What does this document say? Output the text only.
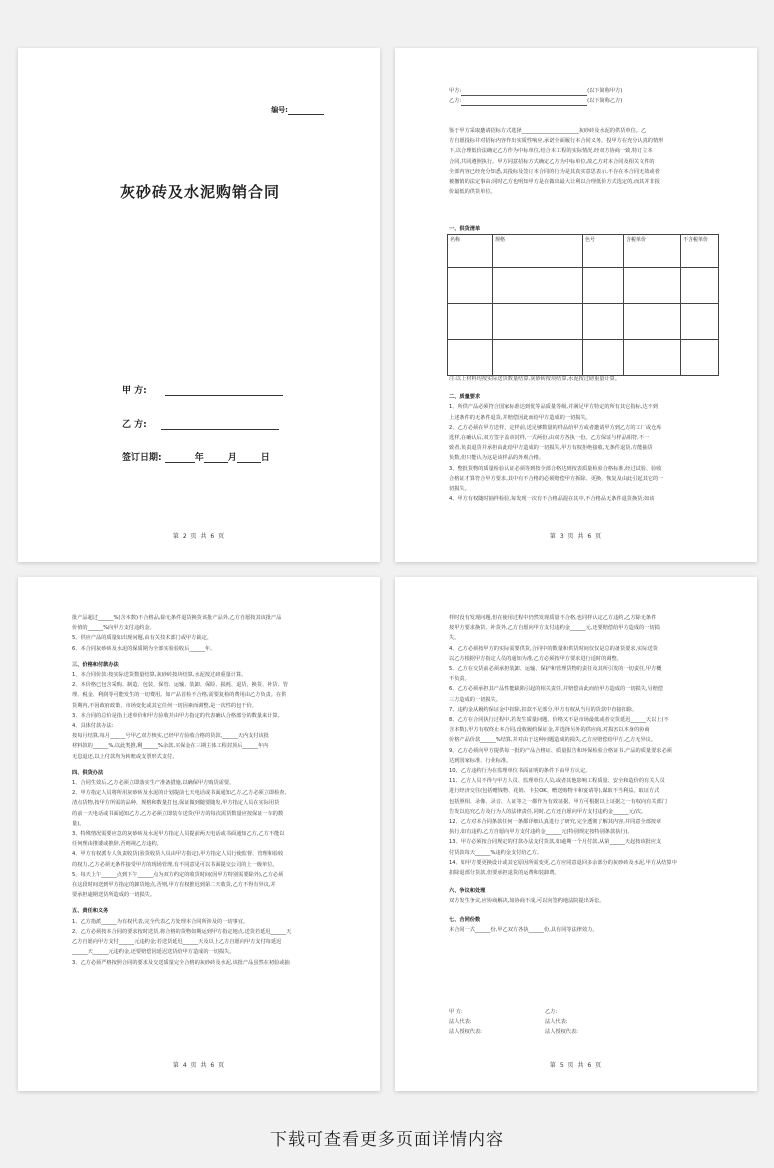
编号:
灰砂砖及水泥购销合同
甲 方:
乙 方:
签订日期:	年	月	日
第 2 页 共 6 页

甲方:	(以下简称甲方)

乙方:	(以下简称乙方)

鉴于甲方采取邀请招标方式选择______________________灰砂砖及水泥的供货单位。乙

方自愿投标并对招标内容作出实质性响应,承诺全面履行本合同义务。投甲方在充分认真的情形

下,以合理低价法确定乙方作为中标单位,结合本工程的实际情况,经双方协商一致,特订立本

合同,共同遵照执行。甲方同意招标方式确定乙方为中标单位,故乙方对本合同及相关文件的

全部内容已经充分知悉,其投标及签订本合同的行为是其真实意思表示,不存在本合同无效或者

被撤销的法定事由;同时乙方也明知甲方是在做出最大让利以合理低价方式选定的,而其并非报

价最低的供货单位。

一、供货清单

名称	规格	色号	含税单价	不含税单价

注:以上材料均按实际送货数量结算,灰砂砖按块结算,水泥按过磅重量计算。

二、质量要求

1、所供产品必须符合国家标准达到优等品质量等级,并满足甲方特定的所有其它指标,达不到

上述条件的无条件退货,并赔偿因此而给甲方造成的一切损失。

2、乙方必须在甲方送样、定样前,送足够数量的样品给甲方或者邀请甲方到乙方的工厂或仓库

选样,在确认后,双方签字盖章封样,一式两份,由双方各执一份。乙方保证与样品相符,不一

致者,负责退货并承担由此给甲方造成的一切损失,甲方有权拒绝接收,无条件退货,方能抽货

负数,但只能认为这是该样品的外观合格。

3、整批货物的质量检验认证必须等到按全部合格达到按表质量检验合格标准,经过试验、验收

合格证才算符合甲方要求,其中有不合格的必须赔偿甲方拆除、更换、恢复及由此引起其它的一

切损失。

4、甲方有权随时抽样检验,每发现一次有不合格品混在其中,不合格品无条件退货换货;如该

第 3 页 共 6 页

批产品超过______%(含本数)不合格品,除无条件退货换货该批产品外,乙方自愿按其该批产品

价值的______%向甲方支付违约金。

5、供应产品的质量如出现问题,由有关技术部门或甲方裁定。

6、本合同灰砂砖及水泥的保质期为全部实验验收后______年。

三、价格和付款办法

1、本合同价款:按实际送货数量结算,灰砂砖按块结算,水泥按过磅重量计算。

2、本价格已包含采购、制造、包装、保管、运输、装卸、保险、损耗、退货、换货、补货、管

理、税金、利润等可能发生的一切费用。如产品首检不合格,需要复检的费用由乙方负责。在供

货期内,不因政府政策、市场变化或其它任何一切因素而调整,是一次性的包干价。

3、本合同的总价是指上述单价和甲方验收并由甲方指定的代表确认合格部分的数量来计算。

4、具体付款办法:

按每月结算,每月______号甲乙双方核实,已经甲方验收合格的货款,______天内支付该批

材料款的______%,以此类推,剩______%余款,买保金在三期主体工程封顶后______年内

无息退还,以上付款均为转账或支票形式支付。

四、供货办法

1、合同生效后,乙方必须立即落实生产准备措施,以确保甲方购货需要。

2、甲方指定人员将所用灰砂砖及水泥的计划提前七天电话或书面通知乙方,乙方必须立即检查,

清点货物,按甲方所需的品种、规格和数量打包,保证做到随要随发,甲方指定人员在实际用货

的前一天电话或书面通知乙方,乙方必须立即装车送货(甲方的每次需货数量应按保证一车的数

量)。

3、特殊情况需要应急的灰砂砖及水泥甲方指定人员提前两天电话或书面通知乙方,乙方不能以

任何理由推诿或推辞,否则视乙方违约。

4、甲方有权派专人负责收货(验货收货人员由甲方指定),甲方指定人员行使监督、管理和验收

的权力,乙方必须无条件接受甲方的现场管理,有不同意见可以书面提交公司的上一级单位。

5、每天上午______点到下午______点为双方约定的收货时间(因甲方特别需要除外),乙方必须

在这段时间送到甲方指定的卸货地点,否则,甲方有权推迟到第二天收货,乙方不得有异议,并

要承担逾期送货所造成的一切损失。

五、责任和义务

1、乙方指派______为有权代表,完全代表乙方处理本合同所涉及的一切事宜。

2、乙方必须按本合同的要求按时送货,将合格的货物如期运到甲方指定地点,送货若延迟______天

乙方自愿向甲方支付______元违约金;若送货延迟______天及以上乙方自愿向甲方支付每延迟

______天______元违约金,还要赔偿因延迟送货给甲方造成的一切损失。

3、乙方必须严格按照合同的要求及交送质量完全合格的灰砂砖及水泥,该批产品虽然在初验或抽

第 4 页 共 6 页

样时没有发现问题,但在使用过程中仍然发现质量不合格,也同样认定乙方违约,乙方除无条件

按甲方要求换货、补货外,乙方自愿向甲方支付违约金______元,还要赔偿给甲方造成的一切损

失。

4、乙方必须按甲方的实际需要供货,合同中的数量和供货时间仅仅是总的备货要求,实际送货

以乙方根据甲方指定人员的通知为准,乙方必须按甲方要求进行适时的调整。

5、乙方在交货前必须承担装卸、运输、保护和管理货物的责任及其所引发的一切责任,甲方概

不负责。

6、乙方必须承担其产品性能缺陷引起的相关责任,并赔偿由此而给甲方造成的一切损失,另赔偿

三方造成的一切损失。

7、违约金从履约保证金中扣除,扣款不足部分,甲方有权从当月的货款中直接扣除。

8、乙方在合同执行过程中,若发生质量问题、价格又不是市场最低或者交货延迟______天以上(不

含本数),甲方有权终止本合同,没收履约保证金,并选择另外的供应商,对损害以本身的协商

价格产品价款______%结算,并对由于这种问题造成的损失,乙方应赔偿给甲方,乙方无异议。

9、乙方必须向甲方提供每一批的产品合格证、质量报告和环保检验合格证书,产品的质量要求必须

达到国家标准、行业标准。

10、乙方违约行为在监理单位书面证明的条件下由甲方认定。

11、乙方人员不得与甲方人员、监理单位人员,或者其他影响工程质量、安全和造价的有关人员

进行经济交往(包括赠钱物、花销、卡拉OK、赠送购物卡和宴请等),谋取不当利益。取证方式

包括照相、录像、录音、人证等之一都作为有效证据。甲方可根据以上证据之一有权向有关部门

告发以追究乙方及行为人的法律责任,同时,乙方还自愿向甲方支付违约金______元/次。

12、乙方对本合同条款任何一条都详细认真进行了研究,完全透彻了解其内容,并同意全部按章

执行,如有违约,乙方自愿向甲方支付违约金______元(特别规定按特别条款执行)。

13、甲方必须按合同规定的付款办法支付货款,如逾期一个月付款,从第______天起按该批应支

付货款每天______%违约金支付给乙方。

14、如甲方要更换设计或其它原因所需变更,乙方应同意退回多余部分的灰砂砖及水泥,甲方从结算中

扣除退部分货款,但要承担退货的运费和装卸费。

六、争议和处理

双方发生争议,应协商解决,如协商不成,可以向签约地法院提出诉讼。

七、合同份数

本合同一式______份,甲乙双方各执______份,具有同等法律效力。

甲 方:	乙方:

法人代表:	法人代表:

法人授权代表:	法人授权代表:

第 5 页 共 6 页
下载可查看更多页面详情内容
